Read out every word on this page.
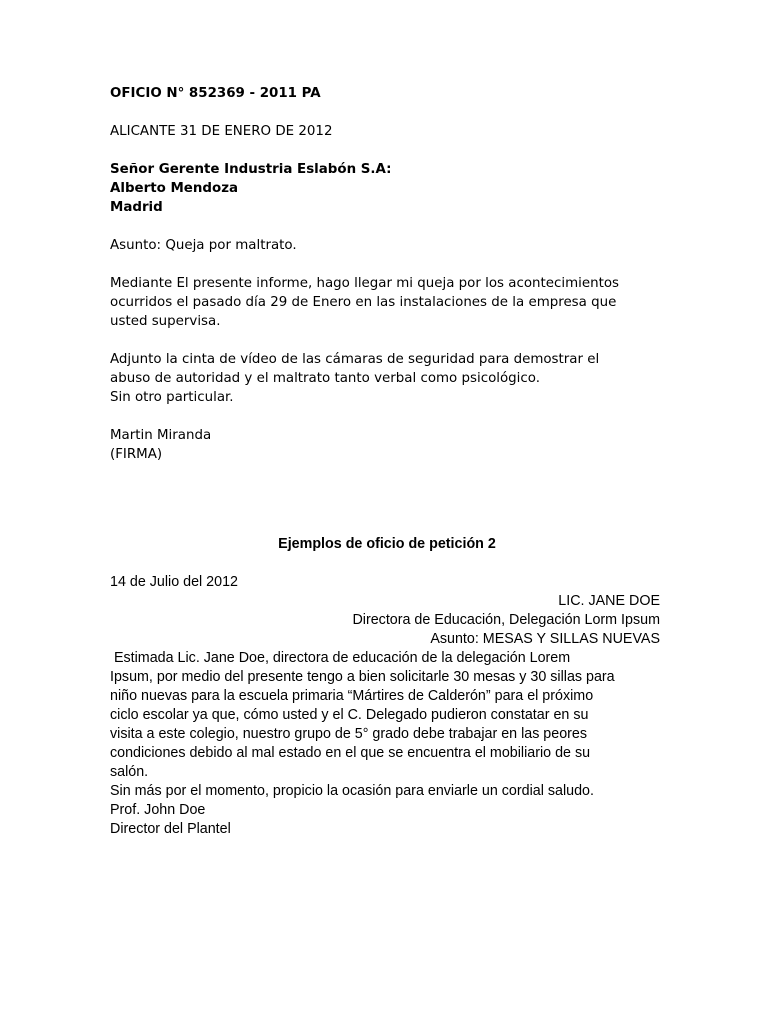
OFICIO N° 852369 - 2011 PA
ALICANTE 31 DE ENERO DE 2012
Señor Gerente Industria Eslabón S.A:
Alberto Mendoza
Madrid
Asunto: Queja por maltrato.
Mediante El presente informe, hago llegar mi queja por los acontecimientos
ocurridos el pasado día 29 de Enero en las instalaciones de la empresa que
usted supervisa.
Adjunto la cinta de vídeo de las cámaras de seguridad para demostrar el
abuso de autoridad y el maltrato tanto verbal como psicológico.
Sin otro particular.
Martin Miranda
(FIRMA)
Ejemplos de oficio de petición 2
14 de Julio del 2012
LIC. JANE DOE
Directora de Educación, Delegación Lorm Ipsum
Asunto: MESAS Y SILLAS NUEVAS
Estimada Lic. Jane Doe, directora de educación de la delegación Lorem
Ipsum, por medio del presente tengo a bien solicitarle 30 mesas y 30 sillas para
niño nuevas para la escuela primaria “Mártires de Calderón” para el próximo
ciclo escolar ya que, cómo usted y el C. Delegado pudieron constatar en su
visita a este colegio, nuestro grupo de 5° grado debe trabajar en las peores
condiciones debido al mal estado en el que se encuentra el mobiliario de su
salón.
Sin más por el momento, propicio la ocasión para enviarle un cordial saludo.
Prof. John Doe
Director del Plantel
